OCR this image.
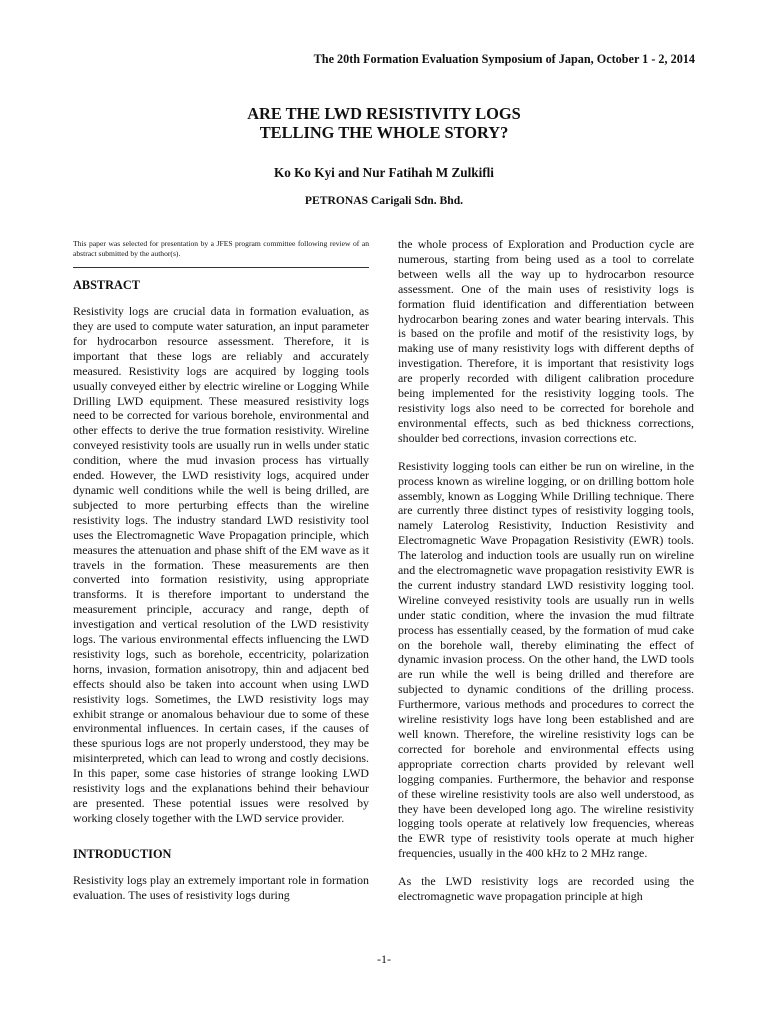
The 20th Formation Evaluation Symposium of Japan, October 1 - 2, 2014
ARE THE LWD RESISTIVITY LOGS
TELLING THE WHOLE STORY?
Ko Ko Kyi and Nur Fatihah M Zulkifli
PETRONAS Carigali Sdn. Bhd.
This paper was selected for presentation by a JFES program committee following review of an abstract submitted by the author(s).
ABSTRACT

Resistivity logs are crucial data in formation evaluation, as they are used to compute water saturation, an input parameter for hydrocarbon resource assessment. Therefore, it is important that these logs are reliably and accurately measured. Resistivity logs are acquired by logging tools usually conveyed either by electric wireline or Logging While Drilling LWD equipment. These measured resistivity logs need to be corrected for various borehole, environmental and other effects to derive the true formation resistivity. Wireline conveyed resistivity tools are usually run in wells under static condition, where the mud invasion process has virtually ended. However, the LWD resistivity logs, acquired under dynamic well conditions while the well is being drilled, are subjected to more perturbing effects than the wireline resistivity logs. The industry standard LWD resistivity tool uses the Electromagnetic Wave Propagation principle, which measures the attenuation and phase shift of the EM wave as it travels in the formation. These measurements are then converted into formation resistivity, using appropriate transforms. It is therefore important to understand the measurement principle, accuracy and range, depth of investigation and vertical resolution of the LWD resistivity logs. The various environmental effects influencing the LWD resistivity logs, such as borehole, eccentricity, polarization horns, invasion, formation anisotropy, thin and adjacent bed effects should also be taken into account when using LWD resistivity logs. Sometimes, the LWD resistivity logs may exhibit strange or anomalous behaviour due to some of these environmental influences. In certain cases, if the causes of these spurious logs are not properly understood, they may be misinterpreted, which can lead to wrong and costly decisions. In this paper, some case histories of strange looking LWD resistivity logs and the explanations behind their behaviour are presented. These potential issues were resolved by working closely together with the LWD service provider.

INTRODUCTION

Resistivity logs play an extremely important role in formation evaluation. The uses of resistivity logs during

the whole process of Exploration and Production cycle are numerous, starting from being used as a tool to correlate between wells all the way up to hydrocarbon resource assessment. One of the main uses of resistivity logs is formation fluid identification and differentiation between hydrocarbon bearing zones and water bearing intervals. This is based on the profile and motif of the resistivity logs, by making use of many resistivity logs with different depths of investigation. Therefore, it is important that resistivity logs are properly recorded with diligent calibration procedure being implemented for the resistivity logging tools. The resistivity logs also need to be corrected for borehole and environmental effects, such as bed thickness corrections, shoulder bed corrections, invasion corrections etc.

Resistivity logging tools can either be run on wireline, in the process known as wireline logging, or on drilling bottom hole assembly, known as Logging While Drilling technique. There are currently three distinct types of resistivity logging tools, namely Laterolog Resistivity, Induction Resistivity and Electromagnetic Wave Propagation Resistivity (EWR) tools. The laterolog and induction tools are usually run on wireline and the electromagnetic wave propagation resistivity EWR is the current industry standard LWD resistivity logging tool. Wireline conveyed resistivity tools are usually run in wells under static condition, where the invasion the mud filtrate process has essentially ceased, by the formation of mud cake on the borehole wall, thereby eliminating the effect of dynamic invasion process. On the other hand, the LWD tools are run while the well is being drilled and therefore are subjected to dynamic conditions of the drilling process. Furthermore, various methods and procedures to correct the wireline resistivity logs have long been established and are well known. Therefore, the wireline resistivity logs can be corrected for borehole and environmental effects using appropriate correction charts provided by relevant well logging companies. Furthermore, the behavior and response of these wireline resistivity tools are also well understood, as they have been developed long ago. The wireline resistivity logging tools operate at relatively low frequencies, whereas the EWR type of resistivity tools operate at much higher frequencies, usually in the 400 kHz to 2 MHz range.

As the LWD resistivity logs are recorded using the electromagnetic wave propagation principle at high

-1-
